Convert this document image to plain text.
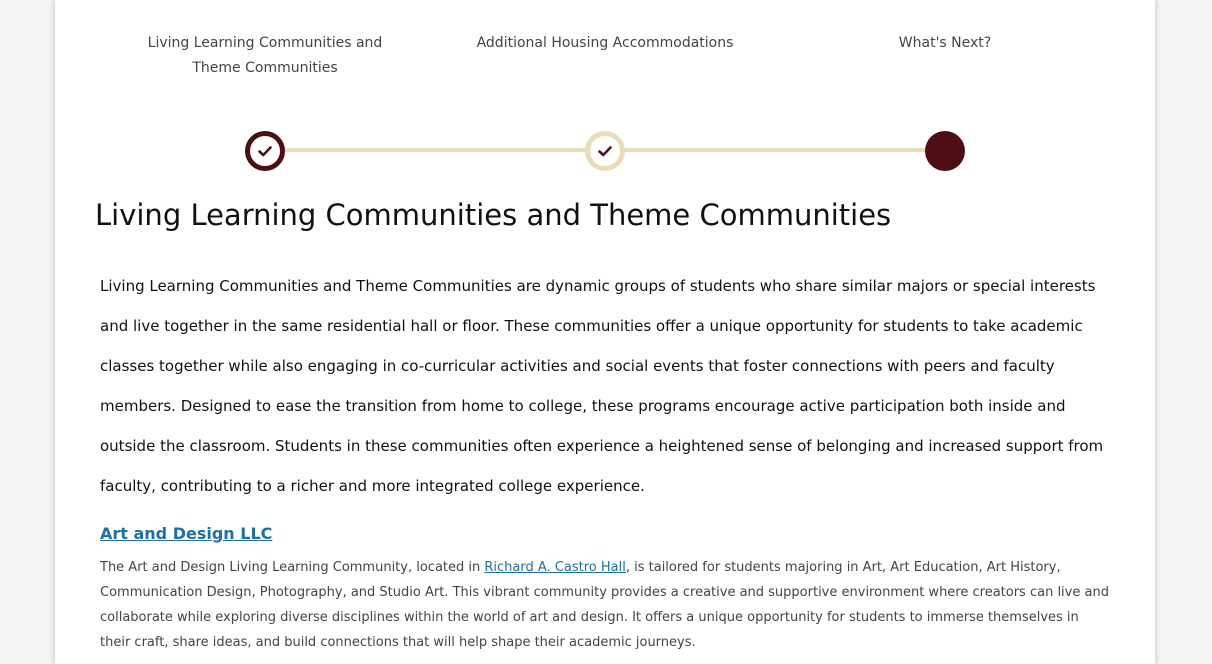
Living Learning Communities and Theme Communities
Additional Housing Accommodations	What's Next?
Living Learning Communities and Theme Communities

Living Learning Communities and Theme Communities are dynamic groups of students who share similar majors or special interests and live together in the same residential hall or floor. These communities offer a unique opportunity for students to take academic classes together while also engaging in co-curricular activities and social events that foster connections with peers and faculty members. Designed to ease the transition from home to college, these programs encourage active participation both inside and outside the classroom. Students in these communities often experience a heightened sense of belonging and increased support from faculty, contributing to a richer and more integrated college experience.

Art and Design LLC

The Art and Design Living Learning Community, located in Richard A. Castro Hall, is tailored for students majoring in Art, Art Education, Art History, Communication Design, Photography, and Studio Art. This vibrant community provides a creative and supportive environment where creators can live and collaborate while exploring diverse disciplines within the world of art and design. It offers a unique opportunity for students to immerse themselves in their craft, share ideas, and build connections that will help shape their academic journeys.
